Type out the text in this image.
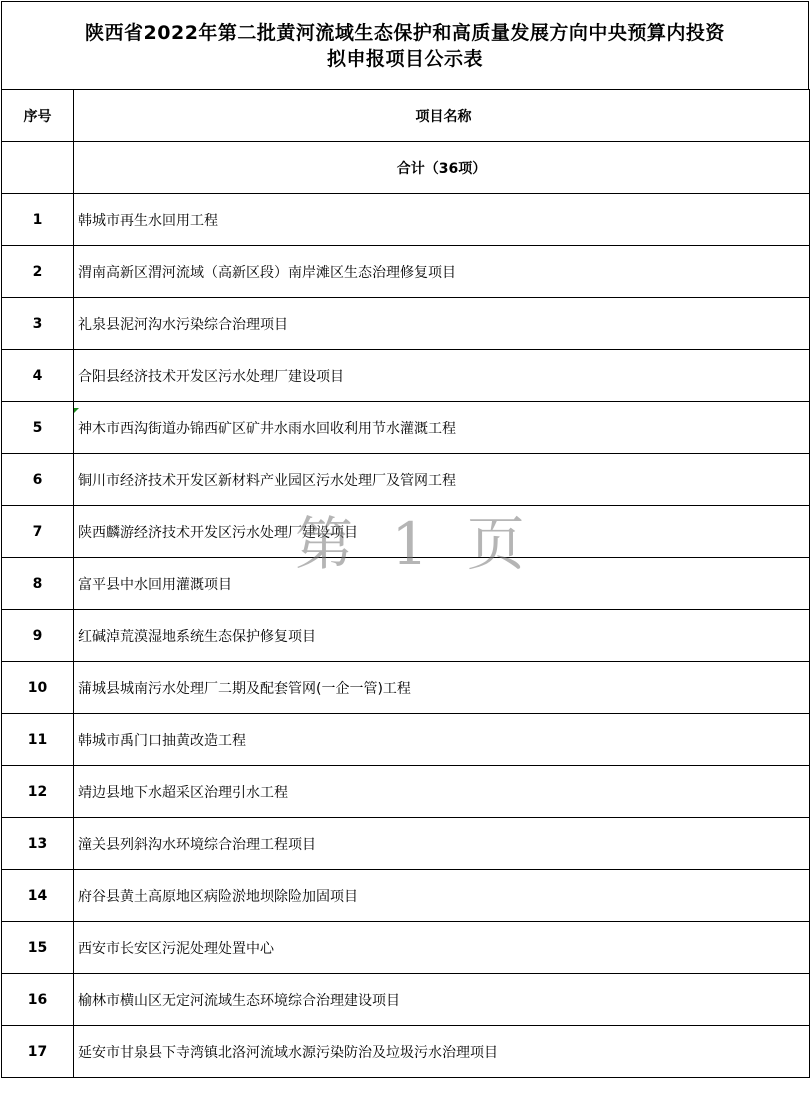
陕西省2022年第二批黄河流域生态保护和高质量发展方向中央预算内投资
拟申报项目公示表
序号	项目名称
	合计（36项）
1	韩城市再生水回用工程
2	渭南高新区渭河流域（高新区段）南岸滩区生态治理修复项目
3	礼泉县泥河沟水污染综合治理项目
4	合阳县经济技术开发区污水处理厂建设项目
5	神木市西沟街道办锦西矿区矿井水雨水回收利用节水灌溉工程
6	铜川市经济技术开发区新材料产业园区污水处理厂及管网工程
7	陕西麟游经济技术开发区污水处理厂建设项目
8	富平县中水回用灌溉项目
9	红碱淖荒漠湿地系统生态保护修复项目
10	蒲城县城南污水处理厂二期及配套管网(一企一管)工程
11	韩城市禹门口抽黄改造工程
12	靖边县地下水超采区治理引水工程
13	潼关县列斜沟水环境综合治理工程项目
14	府谷县黄土高原地区病险淤地坝除险加固项目
15	西安市长安区污泥处理处置中心
16	榆林市横山区无定河流域生态环境综合治理建设项目
17	延安市甘泉县下寺湾镇北洛河流域水源污染防治及垃圾污水治理项目
第 1 页
